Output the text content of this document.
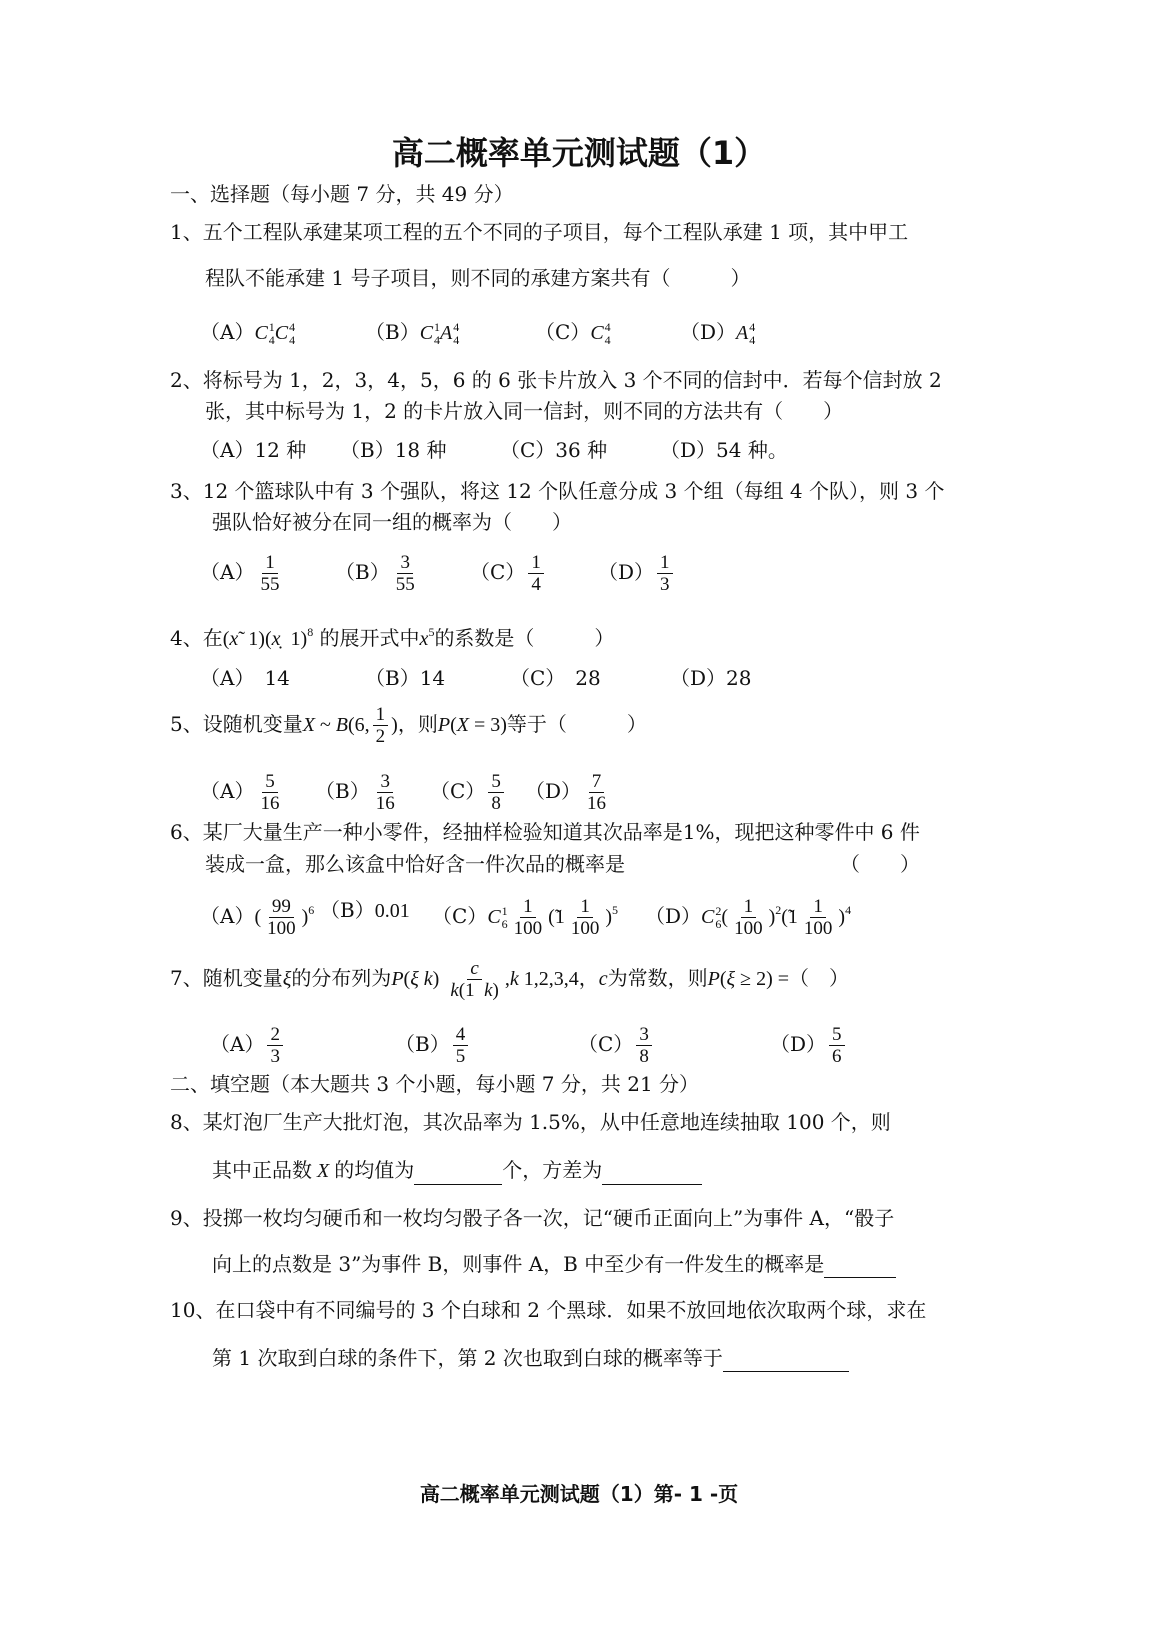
高二概率单元测试题（1）
一、选择题（每小题 7 分，共 49 分）
1、五个工程队承建某项工程的五个不同的子项目，每个工程队承建 1 项，其中甲工
程队不能承建 1 号子项目，则不同的承建方案共有（　　　）
（A）C 1
4 C 4
4	（B）C 1
4 A 4
4	（C）C 4
4	（D）A 4
4
2、将标号为 1，2，3，4，5，6 的 6 张卡片放入 3 个不同的信封中．若每个信封放 2
张，其中标号为 1，2 的卡片放入同一信封，则不同的方法共有（　　）
（A）12 种 （B）18 种	（C）36 种	（D）54 种。
3、12 个篮球队中有 3 个强队，将这 12 个队任意分成 3 个组（每组 4 个队），则 3 个
强队恰好被分在同一组的概率为（　　）
$(A) \frac{1}{55}$	$(B) \frac{3}{55}$	$(C) \frac{1}{4}$	$(D) \frac{1}{3}$
4、在(x̃  1)(x̣  1)$^8$ 的展开式中$x^5$的系数是（　　　）
（A）　14	（B）14	（C）　28	（D）28
5、设随机变量X ~ B(6, $\frac{1}{2}$ )，则P(X = 3)等于（　　　）
$(A) \frac{5}{16} (B) \frac{3}{16} (C) \frac{5}{8} (D) \frac{7}{16}$
6、某厂大量生产一种小零件，经抽样检验知道其次品率是1%，现把这种零件中 6 件
装成一盒，那么该盒中恰好含一件次品的概率是	（　　）
$(A)( \frac{99}{100} )^6$ （B）0.01 （C）C 1
$6 \frac{1}{100}$ (̃1 $\frac{1}{100} )^5$ （D）C 2
6 ( $\frac{1}{100}$ )$^2$(̃1 $\frac{1}{100} )^4$
7、随机变量ξ的分布列为P(ξ $k) \frac{c}{k(1 k)} ,k$ 1,2,3,4，c为常数，则P(ξ ≥ 2) =（　）
$(A) \frac{2}{3}$	$(B) \frac{4}{5}$	$(C) \frac{3}{8}$	$(D) \frac{5}{6}$
二、填空题（本大题共 3 个小题，每小题 7 分，共 21 分）
8、某灯泡厂生产大批灯泡，其次品率为 1.5%，从中任意地连续抽取 100 个，则
其中正品数 X 的均值为	个，方差为
9、投掷一枚均匀硬币和一枚均匀骰子各一次，记“硬币正面向上”为事件 A，“骰子
向上的点数是 3”为事件 B，则事件 A，B 中至少有一件发生的概率是
10、在口袋中有不同编号的 3 个白球和 2 个黑球．如果不放回地依次取两个球，求在
第 1 次取到白球的条件下，第 2 次也取到白球的概率等于
高二概率单元测试题（1）第- 1 -页
